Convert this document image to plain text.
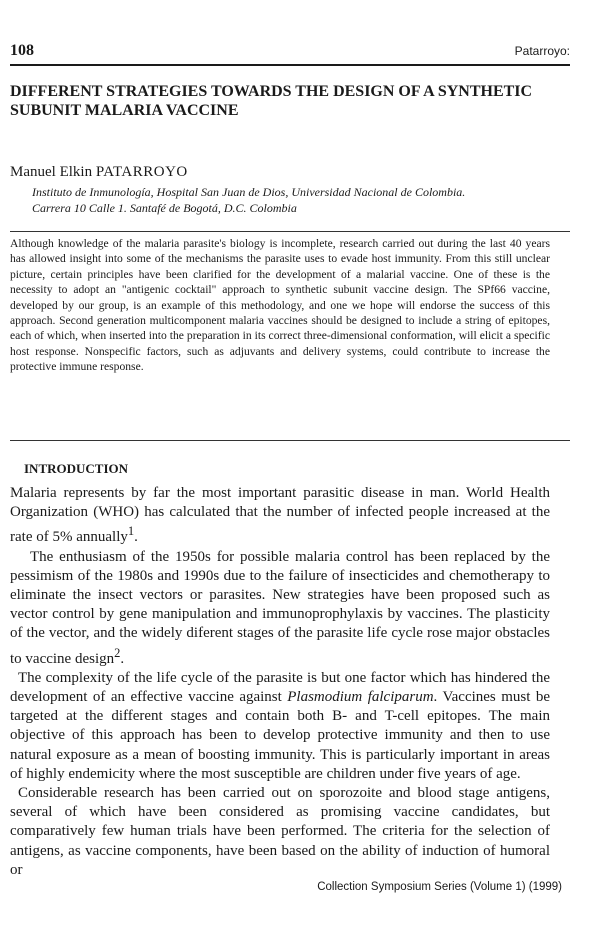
108	Patarroyo:
DIFFERENT STRATEGIES TOWARDS THE DESIGN OF A SYNTHETIC
SUBUNIT MALARIA VACCINE
Manuel Elkin PATARROYO
Instituto de Inmunología, Hospital San Juan de Dios, Universidad Nacional de Colombia.
Carrera 10 Calle 1. Santafé de Bogotá, D.C. Colombia

Although knowledge of the malaria parasite's biology is incomplete, research carried out during the last 40 years has allowed insight into some of the mechanisms the parasite uses to evade host immunity. From this still unclear picture, certain principles have been clarified for the development of a malarial vaccine. One of these is the necessity to adopt an "antigenic cocktail" approach to synthetic subunit vaccine design. The SPf66 vaccine, developed by our group, is an example of this methodology, and one we hope will endorse the success of this approach. Second generation multicomponent malaria vaccines should be designed to include a string of epitopes, each of which, when inserted into the preparation in its correct three-dimensional conformation, will elicit a specific host response. Nonspecific factors, such as adjuvants and delivery systems, could contribute to increase the protective immune response.

INTRODUCTION

Malaria represents by far the most important parasitic disease in man. World Health Organization (WHO) has calculated that the number of infected people increased at the rate of 5% annually$^1$.

The enthusiasm of the 1950s for possible malaria control has been replaced by the pessimism of the 1980s and 1990s due to the failure of insecticides and chemotherapy to eliminate the insect vectors or parasites. New strategies have been proposed such as vector control by gene manipulation and immunoprophylaxis by vaccines. The plasticity of the vector, and the widely diferent stages of the parasite life cycle rose major obstacles to vaccine design$^2$.

The complexity of the life cycle of the parasite is but one factor which has hindered the development of an effective vaccine against Plasmodium falciparum. Vaccines must be targeted at the different stages and contain both B- and T-cell epitopes. The main objective of this approach has been to develop protective immunity and then to use natural exposure as a mean of boosting immunity. This is particularly important in areas of highly endemicity where the most susceptible are children under five years of age.

Considerable research has been carried out on sporozoite and blood stage antigens, several of which have been considered as promising vaccine candidates, but comparatively few human trials have been performed. The criteria for the selection of antigens, as vaccine components, have been based on the ability of induction of humoral or

Collection Symposium Series (Volume 1) (1999)
